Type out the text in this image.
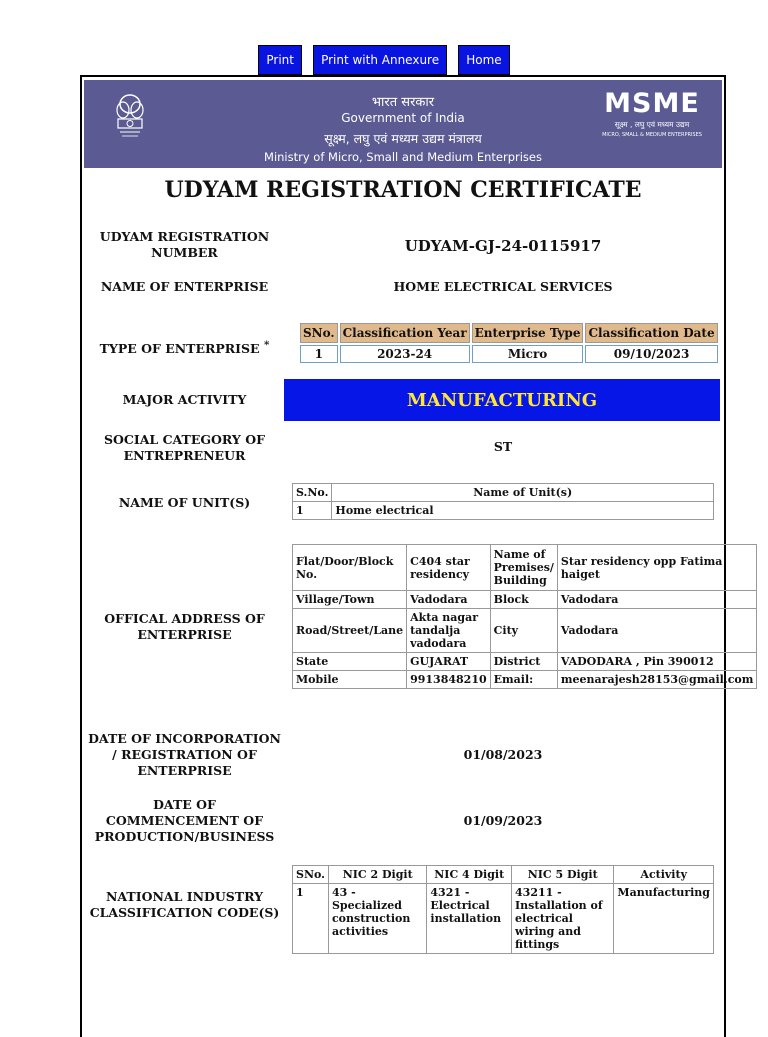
Print Print with Annexure Home
भारत सरकार
Government of India
सूक्ष्म, लघु एवं मध्यम उद्यम मंत्रालय
Ministry of Micro, Small and Medium Enterprises
MSME
सूक्ष्म , लघु एवं मध्यम उद्यम
MICRO, SMALL & MEDIUM ENTERPRISES
UDYAM REGISTRATION CERTIFICATE
UDYAM REGISTRATION NUMBER	UDYAM-GJ-24-0115917
NAME OF ENTERPRISE	HOME ELECTRICAL SERVICES
TYPE OF ENTERPRISE *
SNo.	Classification Year	Enterprise Type	Classification Date
1	2023-24	Micro	09/10/2023
MAJOR ACTIVITY	MANUFACTURING
SOCIAL CATEGORY OF ENTREPRENEUR
ST
NAME OF UNIT(S)
S.No.	Name of Unit(s)
1	Home electrical
OFFICAL ADDRESS OF ENTERPRISE
Flat/Door/Block No.	C404 star residency	Name of Premises/ Building	Star residency opp Fatima haiget
Village/Town	Vadodara	Block	Vadodara
Road/Street/Lane	Akta nagar tandalja vadodara	City	Vadodara
State	GUJARAT	District	VADODARA , Pin 390012
Mobile	9913848210	Email:	meenarajesh28153@gmail.com
DATE OF INCORPORATION / REGISTRATION OF ENTERPRISE
01/08/2023
DATE OF COMMENCEMENT OF PRODUCTION/BUSINESS
01/09/2023
NATIONAL INDUSTRY CLASSIFICATION CODE(S)
SNo.	NIC 2 Digit	NIC 4 Digit	NIC 5 Digit	Activity
1	43 - Specialized construction activities	4321 - Electrical installation	43211 - Installation of electrical wiring and fittings	Manufacturing
